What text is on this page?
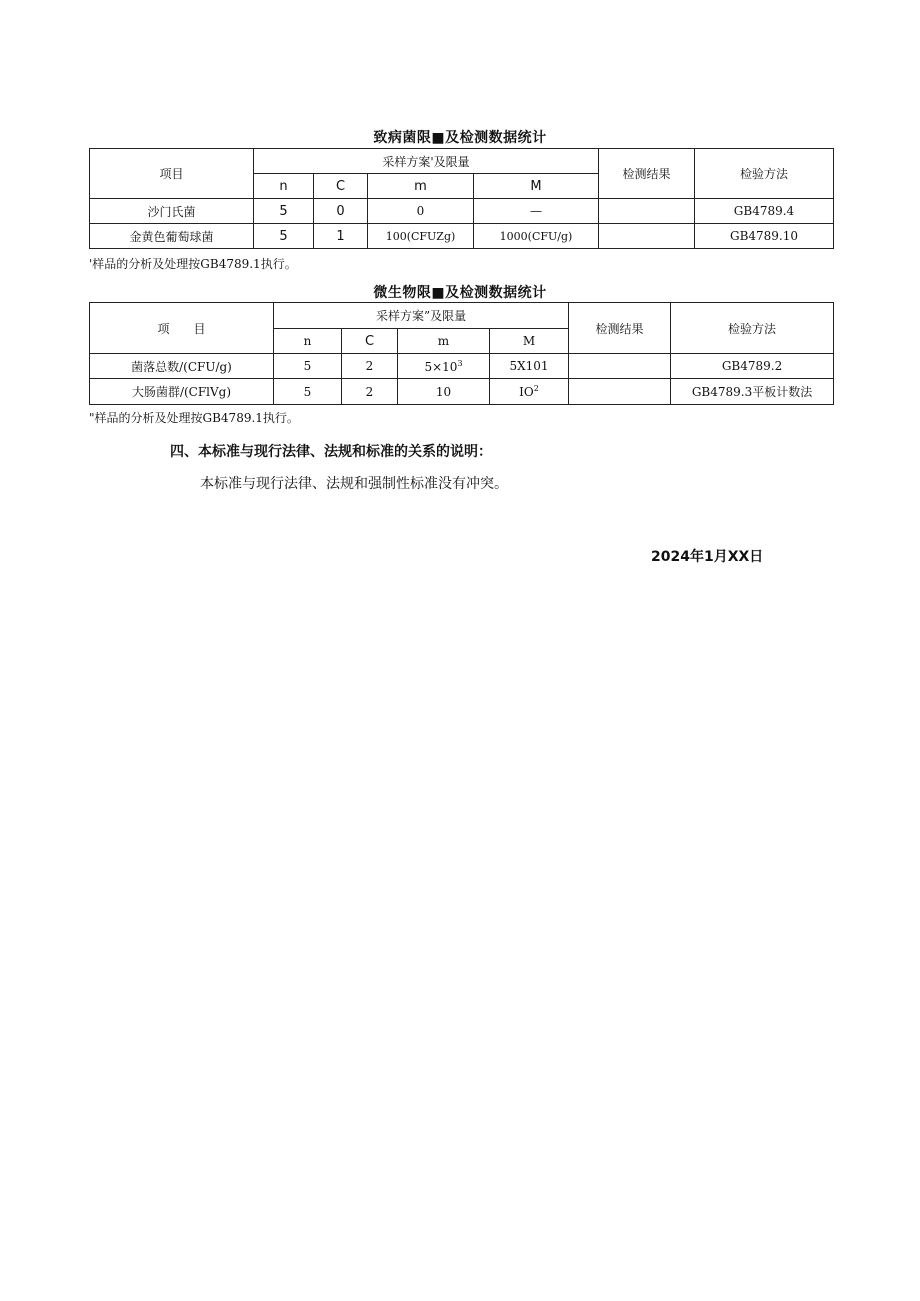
致病菌限■及检测数据统计
项目	采样方案'及限量				检测结果	检验方法
	n	C	m	M		
沙门氏菌	5	0	0	—		GB4789.4
金黄色葡萄球菌	5	1	100(CFUZg)	1000(CFU/g)		GB4789.10
'样品的分析及处理按GB4789.1执行。
微生物限■及检测数据统计
项　　目	采样方案”及限量				检测结果	检验方法
	n	C	m	M		
菌落总数/(CFU/g)	5	2	$5\times 10^3$	5X101		GB4789.2
大肠菌群/(CFlVg)	5	2	10	$IO^2$		GB4789.3平板计数法
"样品的分析及处理按GB4789.1执行。
四、本标准与现行法律、法规和标准的关系的说明：
本标准与现行法律、法规和强制性标准没有冲突。
2024年1月XX日
